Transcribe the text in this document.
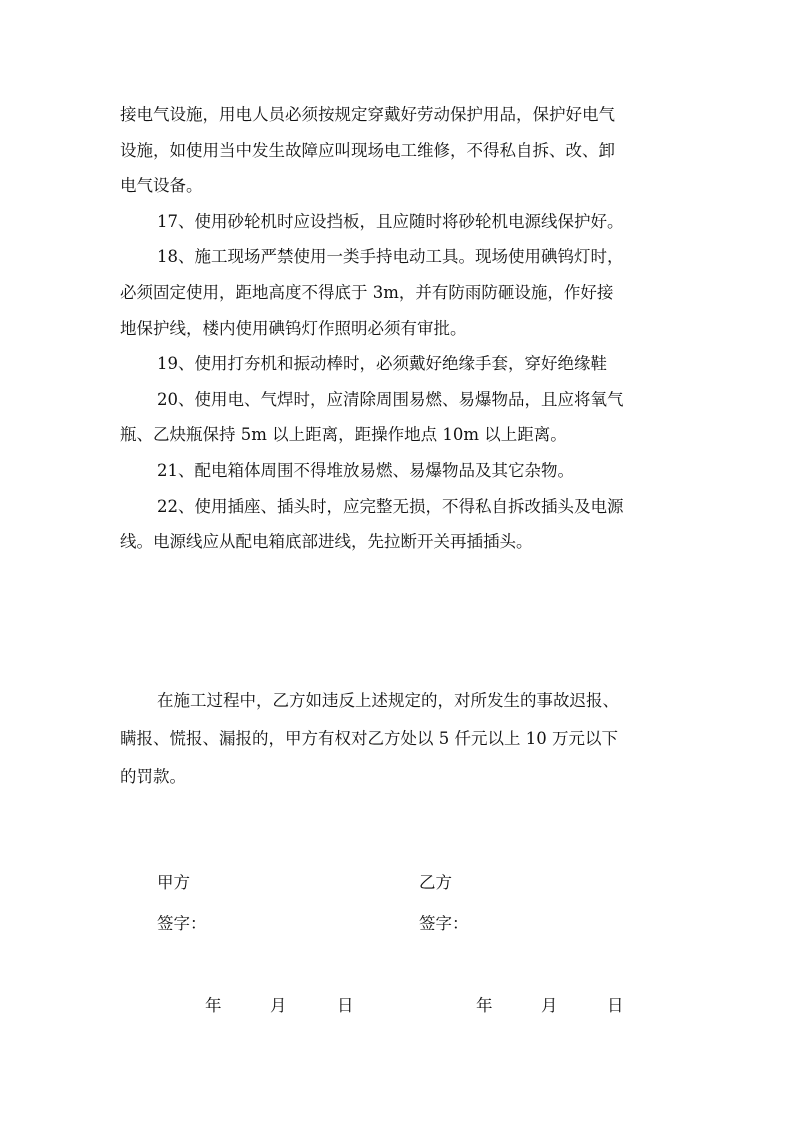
接电气设施，用电人员必须按规定穿戴好劳动保护用品，保护好电气
设施，如使用当中发生故障应叫现场电工维修，不得私自拆、改、卸
电气设备。
17、使用砂轮机时应设挡板，且应随时将砂轮机电源线保护好。
18、施工现场严禁使用一类手持电动工具。现场使用碘钨灯时，
必须固定使用，距地高度不得底于 3m，并有防雨防砸设施，作好接
地保护线，楼内使用碘钨灯作照明必须有审批。
19、使用打夯机和振动棒时，必须戴好绝缘手套，穿好绝缘鞋
20、使用电、气焊时，应清除周围易燃、易爆物品，且应将氧气
瓶、乙炔瓶保持 5m 以上距离，距操作地点 10m 以上距离。
21、配电箱体周围不得堆放易燃、易爆物品及其它杂物。
22、使用插座、插头时，应完整无损，不得私自拆改插头及电源
线。电源线应从配电箱底部进线，先拉断开关再插插头。
在施工过程中，乙方如违反上述规定的，对所发生的事故迟报、
瞒报、慌报、漏报的，甲方有权对乙方处以 5 仟元以上 10 万元以下
的罚款。
甲方	乙方
签字：	签字：
年	月	日	年	月	日
